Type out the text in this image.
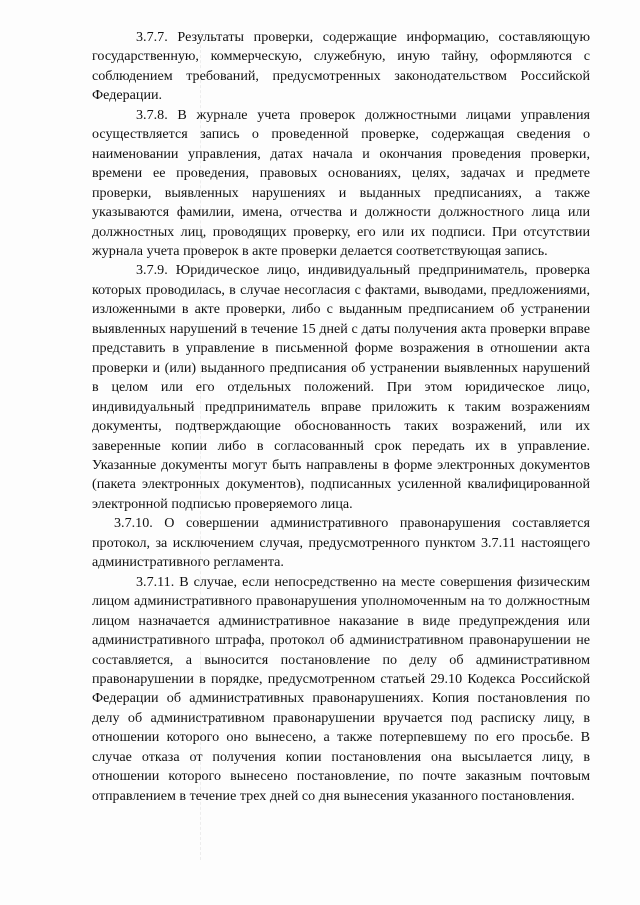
3.7.7. Результаты проверки, содержащие информацию, составляющую государственную, коммерческую, служебную, иную тайну, оформляются с соблюдением требований, предусмотренных законодательством Российской Федерации.

3.7.8. В журнале учета проверок должностными лицами управления осуществляется запись о проведенной проверке, содержащая сведения о наименовании управления, датах начала и окончания проведения проверки, времени ее проведения, правовых основаниях, целях, задачах и предмете проверки, выявленных нарушениях и выданных предписаниях, а также указываются фамилии, имена, отчества и должности должностного лица или должностных лиц, проводящих проверку, его или их подписи. При отсутствии журнала учета проверок в акте проверки делается соответствующая запись.

3.7.9. Юридическое лицо, индивидуальный предприниматель, проверка которых проводилась, в случае несогласия с фактами, выводами, предложениями, изложенными в акте проверки, либо с выданным предписанием об устранении выявленных нарушений в течение 15 дней с даты получения акта проверки вправе представить в управление в письменной форме возражения в отношении акта проверки и (или) выданного предписания об устранении выявленных нарушений в целом или его отдельных положений. При этом юридическое лицо, индивидуальный предприниматель вправе приложить к таким возражениям документы, подтверждающие обоснованность таких возражений, или их заверенные копии либо в согласованный срок передать их в управление. Указанные документы могут быть направлены в форме электронных документов (пакета электронных документов), подписанных усиленной квалифицированной электронной подписью проверяемого лица.

3.7.10. О совершении административного правонарушения составляется протокол, за исключением случая, предусмотренного пунктом 3.7.11 настоящего административного регламента.

3.7.11. В случае, если непосредственно на месте совершения физическим лицом административного правонарушения уполномоченным на то должностным лицом назначается административное наказание в виде предупреждения или административного штрафа, протокол об административном правонарушении не составляется, а выносится постановление по делу об административном правонарушении в порядке, предусмотренном статьей 29.10 Кодекса Российской Федерации об административных правонарушениях. Копия постановления по делу об административном правонарушении вручается под расписку лицу, в отношении которого оно вынесено, а также потерпевшему по его просьбе. В случае отказа от получения копии постановления она высылается лицу, в отношении которого вынесено постановление, по почте заказным почтовым отправлением в течение трех дней со дня вынесения указанного постановления.
